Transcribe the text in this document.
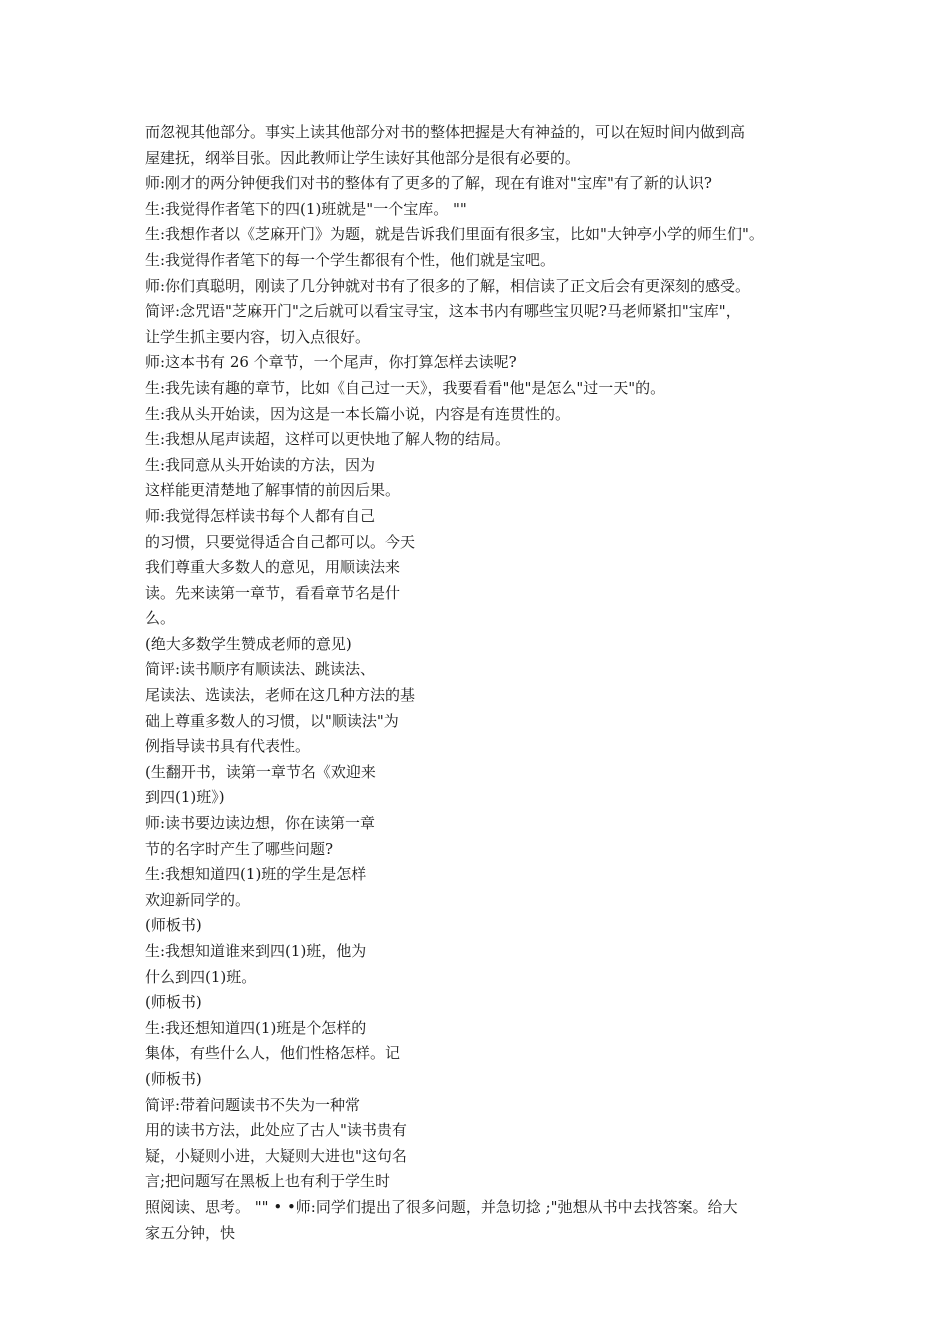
而忽视其他部分。事实上读其他部分对书的整体把握是大有神益的，可以在短时间内做到高
屋建抚，纲举目张。因此教师让学生读好其他部分是很有必要的。
师:刚才的两分钟便我们对书的整体有了更多的了解，现在有谁对"宝库"有了新的认识?
生:我觉得作者笔下的四(1)班就是"一个宝库。 ""
生:我想作者以《芝麻开门》为题，就是告诉我们里面有很多宝，比如"大钟亭小学的师生们"。
生:我觉得作者笔下的每一个学生都很有个性，他们就是宝吧。
师:你们真聪明，刚读了几分钟就对书有了很多的了解，相信读了正文后会有更深刻的感受。
简评:念咒语"芝麻开门"之后就可以看宝寻宝，这本书内有哪些宝贝呢?马老师紧扣"宝库"，
让学生抓主要内容，切入点很好。
师:这本书有 26 个章节，一个尾声，你打算怎样去读呢?
生:我先读有趣的章节，比如《自己过一天》，我要看看"他"是怎么"过一天"的。
生:我从头开始读，因为这是一本长篇小说，内容是有连贯性的。
生:我想从尾声读超，这样可以更快地了解人物的结局。
生:我同意从头开始读的方法，因为
这样能更清楚地了解事情的前因后果。
师:我觉得怎样读书每个人都有自己
的习惯，只要觉得适合自己都可以。今天
我们尊重大多数人的意见，用顺读法来
读。先来读第一章节，看看章节名是什
么。
(绝大多数学生赞成老师的意见)
简评:读书顺序有顺读法、跳读法、
尾读法、选读法，老师在这几种方法的基
础上尊重多数人的习惯，以"顺读法"为
例指导读书具有代表性。
(生翻开书，读第一章节名《欢迎来
到四(1)班》)
师:读书要边读边想，你在读第一章
节的名字时产生了哪些问题?
生:我想知道四(1)班的学生是怎样
欢迎新同学的。
(师板书)
生:我想知道谁来到四(1)班，他为
什么到四(1)班。
(师板书)
生:我还想知道四(1)班是个怎样的
集体，有些什么人，他们性格怎样。记
(师板书)
简评:带着问题读书不失为一种常
用的读书方法，此处应了古人"读书贵有
疑，小疑则小进，大疑则大进也"这句名
言;把问题写在黑板上也有利于学生时
照阅读、思考。 "" • •师:同学们提出了很多问题，并急切捻 ;"弛想从书中去找答案。给大
家五分钟，快
